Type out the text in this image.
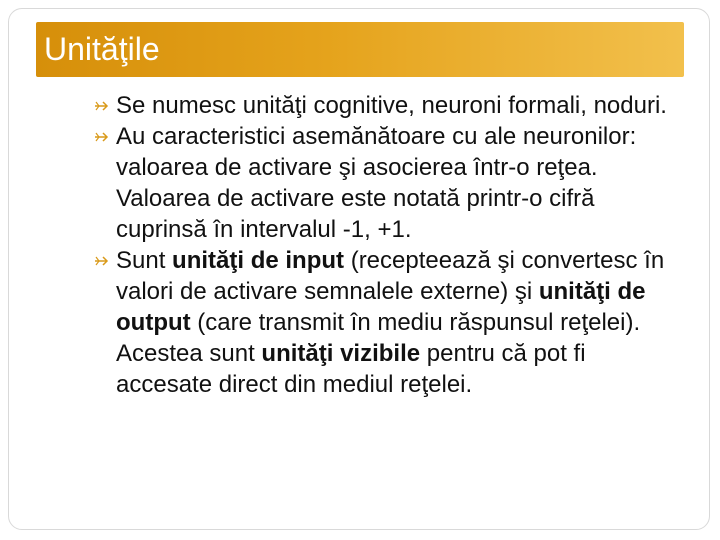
Unităţile
Se numesc unităţi cognitive, neuroni formali, noduri.
Au caracteristici asemănătoare cu ale neuronilor: valoarea de activare şi asocierea într-o reţea. Valoarea de activare este notată printr-o cifră cuprinsă în intervalul -1, +1.
Sunt unităţi de input (recepteează şi convertesc în valori de activare semnalele externe) şi unităţi de output (care transmit în mediu răspunsul reţelei). Acestea sunt unităţi vizibile pentru că pot fi accesate direct din mediul reţelei.
